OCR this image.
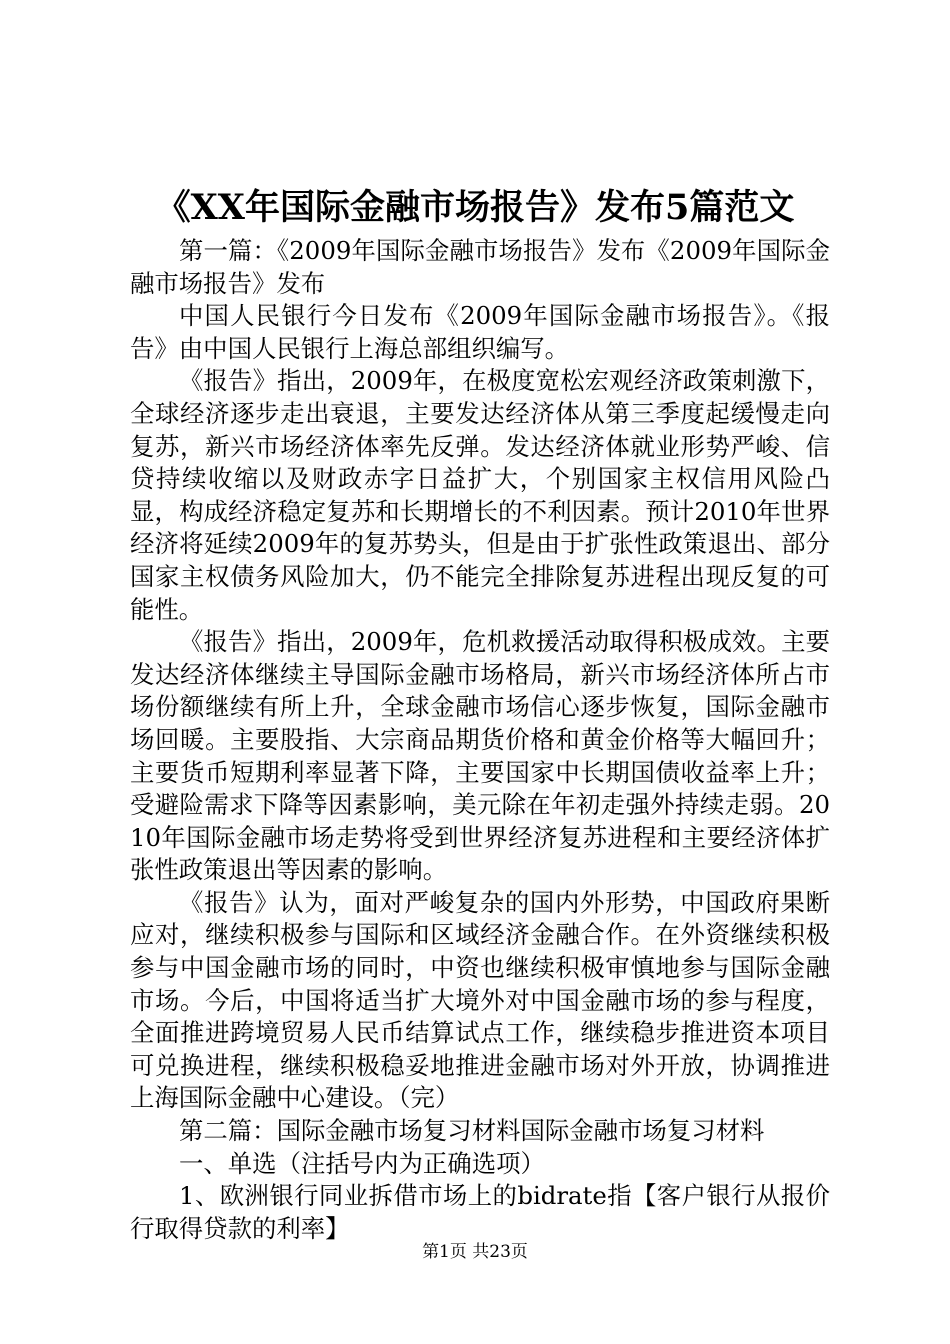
《XX年国际金融市场报告》发布5篇范文

第一篇：《2009年国际金融市场报告》发布《2009年国际金融市场报告》发布

中国人民银行今日发布《2009年国际金融市场报告》。《报告》由中国人民银行上海总部组织编写。

《报告》指出，2009年，在极度宽松宏观经济政策刺激下，全球经济逐步走出衰退，主要发达经济体从第三季度起缓慢走向复苏，新兴市场经济体率先反弹。发达经济体就业形势严峻、信贷持续收缩以及财政赤字日益扩大，个别国家主权信用风险凸显，构成经济稳定复苏和长期增长的不利因素。预计2010年世界经济将延续2009年的复苏势头，但是由于扩张性政策退出、部分国家主权债务风险加大，仍不能完全排除复苏进程出现反复的可能性。

《报告》指出，2009年，危机救援活动取得积极成效。主要发达经济体继续主导国际金融市场格局，新兴市场经济体所占市场份额继续有所上升，全球金融市场信心逐步恢复，国际金融市场回暖。主要股指、大宗商品期货价格和黄金价格等大幅回升；主要货币短期利率显著下降，主要国家中长期国债收益率上升；受避险需求下降等因素影响，美元除在年初走强外持续走弱。2010年国际金融市场走势将受到世界经济复苏进程和主要经济体扩张性政策退出等因素的影响。

《报告》认为，面对严峻复杂的国内外形势，中国政府果断应对，继续积极参与国际和区域经济金融合作。在外资继续积极参与中国金融市场的同时，中资也继续积极审慎地参与国际金融市场。今后，中国将适当扩大境外对中国金融市场的参与程度，全面推进跨境贸易人民币结算试点工作，继续稳步推进资本项目可兑换进程，继续积极稳妥地推进金融市场对外开放，协调推进上海国际金融中心建设。（完）

第二篇：国际金融市场复习材料国际金融市场复习材料

一、单选（注括号内为正确选项）

1、欧洲银行同业拆借市场上的bidrate指【客户银行从报价行取得贷款的利率】

第1页 共23页
